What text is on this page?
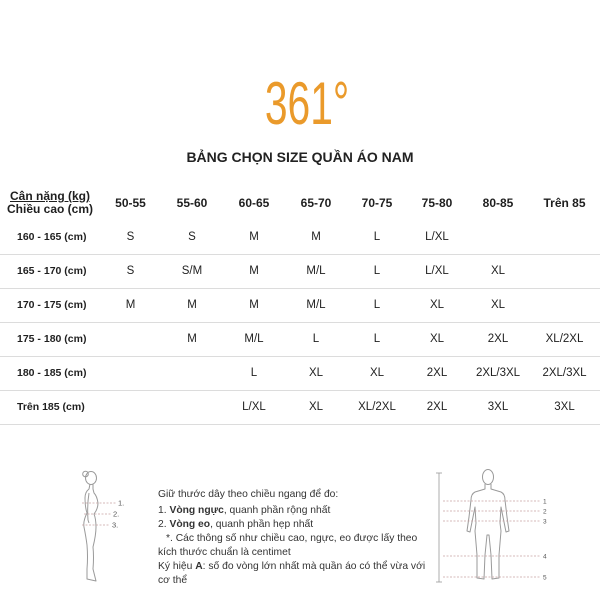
361°
BẢNG CHỌN SIZE QUẦN ÁO NAM
Cân nặng (kg)
Chiều cao (cm)	50-55	55-60	60-65	65-70	70-75	75-80	80-85	Trên 85
160 - 165 (cm)	S	S	M	M	L	L/XL		
165 - 170 (cm)	S	S/M	M	M/L	L	L/XL	XL	
170 - 175 (cm)	M	M	M	M/L	L	XL	XL	
175 - 180 (cm)		M	M/L	L	L	XL	2XL	XL/2XL
180 - 185 (cm)			L	XL	XL	2XL	2XL/3XL	2XL/3XL
Trên 185 (cm)			L/XL	XL	XL/2XL	2XL	3XL	3XL
1.
2.
3.
Giữ thước dây theo chiều ngang để đo:
1. Vòng ngực, quanh phần rộng nhất
2. Vòng eo, quanh phần hẹp nhất
*. Các thông số như chiều cao, ngực, eo được lấy theo
kích thước chuẩn là centimet
Ký hiệu A: số đo vòng lớn nhất mà quần áo có thể vừa với
cơ thể
1
2
3
4
5
